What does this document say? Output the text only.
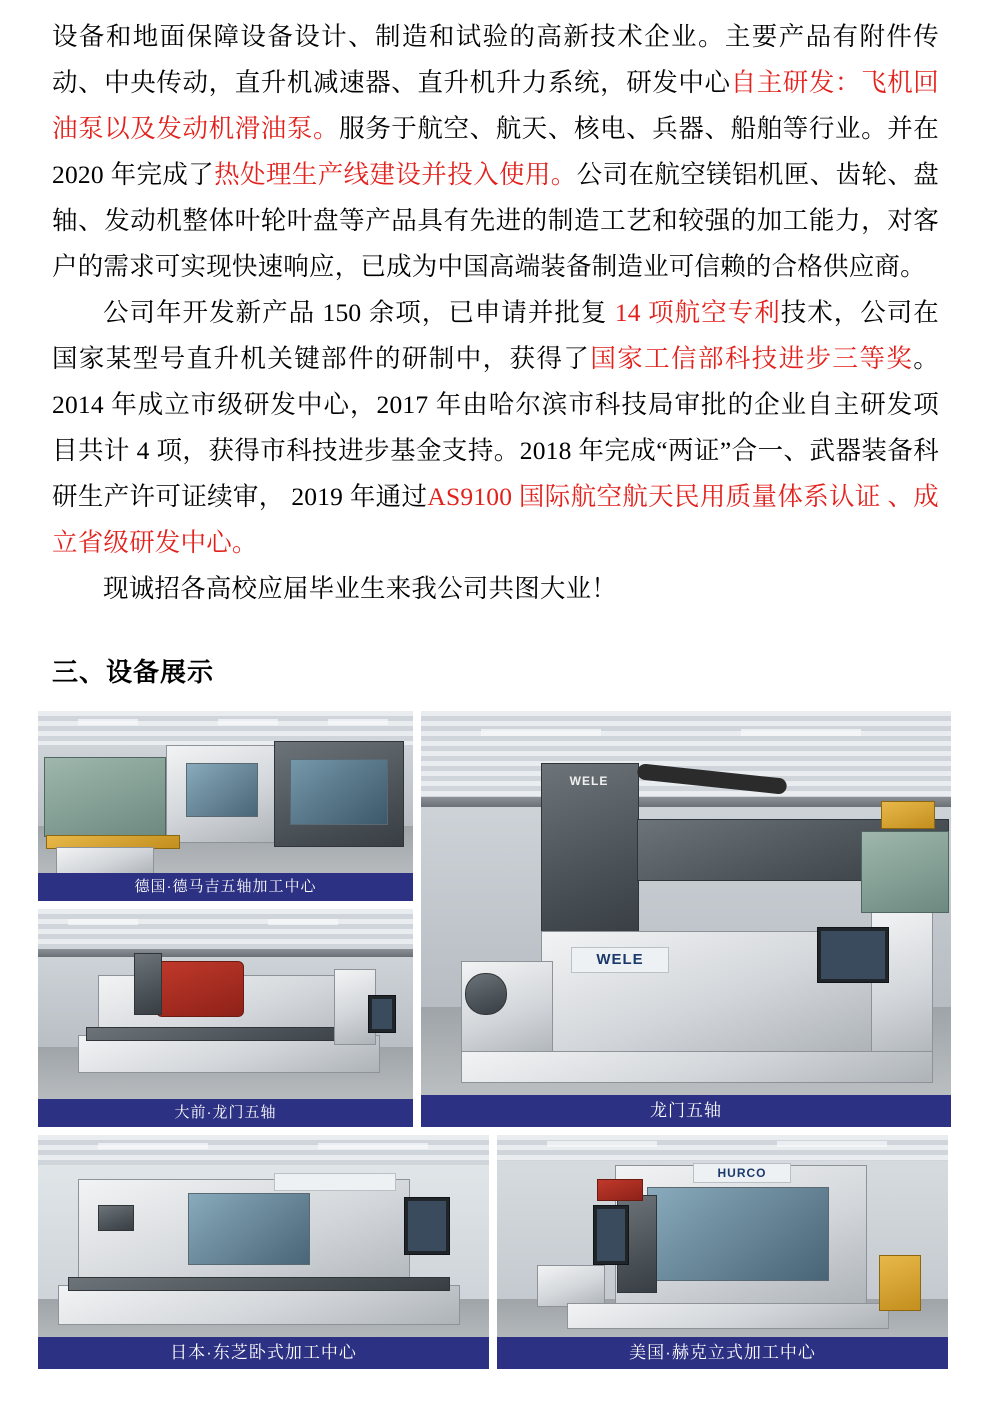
设备和地面保障设备设计、制造和试验的高新技术企业。主要产品有附件传动、中央传动，直升机减速器、直升机升力系统，研发中心自主研发：飞机回油泵以及发动机滑油泵。服务于航空、航天、核电、兵器、船舶等行业。并在 2020 年完成了热处理生产线建设并投入使用。公司在航空镁铝机匣、齿轮、盘轴、发动机整体叶轮叶盘等产品具有先进的制造工艺和较强的加工能力，对客户的需求可实现快速响应，已成为中国高端装备制造业可信赖的合格供应商。

公司年开发新产品 150 余项，已申请并批复 14 项航空专利技术，公司在国家某型号直升机关键部件的研制中，获得了国家工信部科技进步三等奖。2014 年成立市级研发中心，2017 年由哈尔滨市科技局审批的企业自主研发项目共计 4 项，获得市科技进步基金支持。2018 年完成“两证”合一、武器装备科研生产许可证续审， 2019 年通过AS9100 国际航空航天民用质量体系认证 、成立省级研发中心。

现诚招各高校应届毕业生来我公司共图大业！

三、设备展示
德国·德马吉五轴加工中心
大前·龙门五轴
WELE
WELE
龙门五轴

日本·东芝卧式加工中心
HURCO
美国·赫克立式加工中心
